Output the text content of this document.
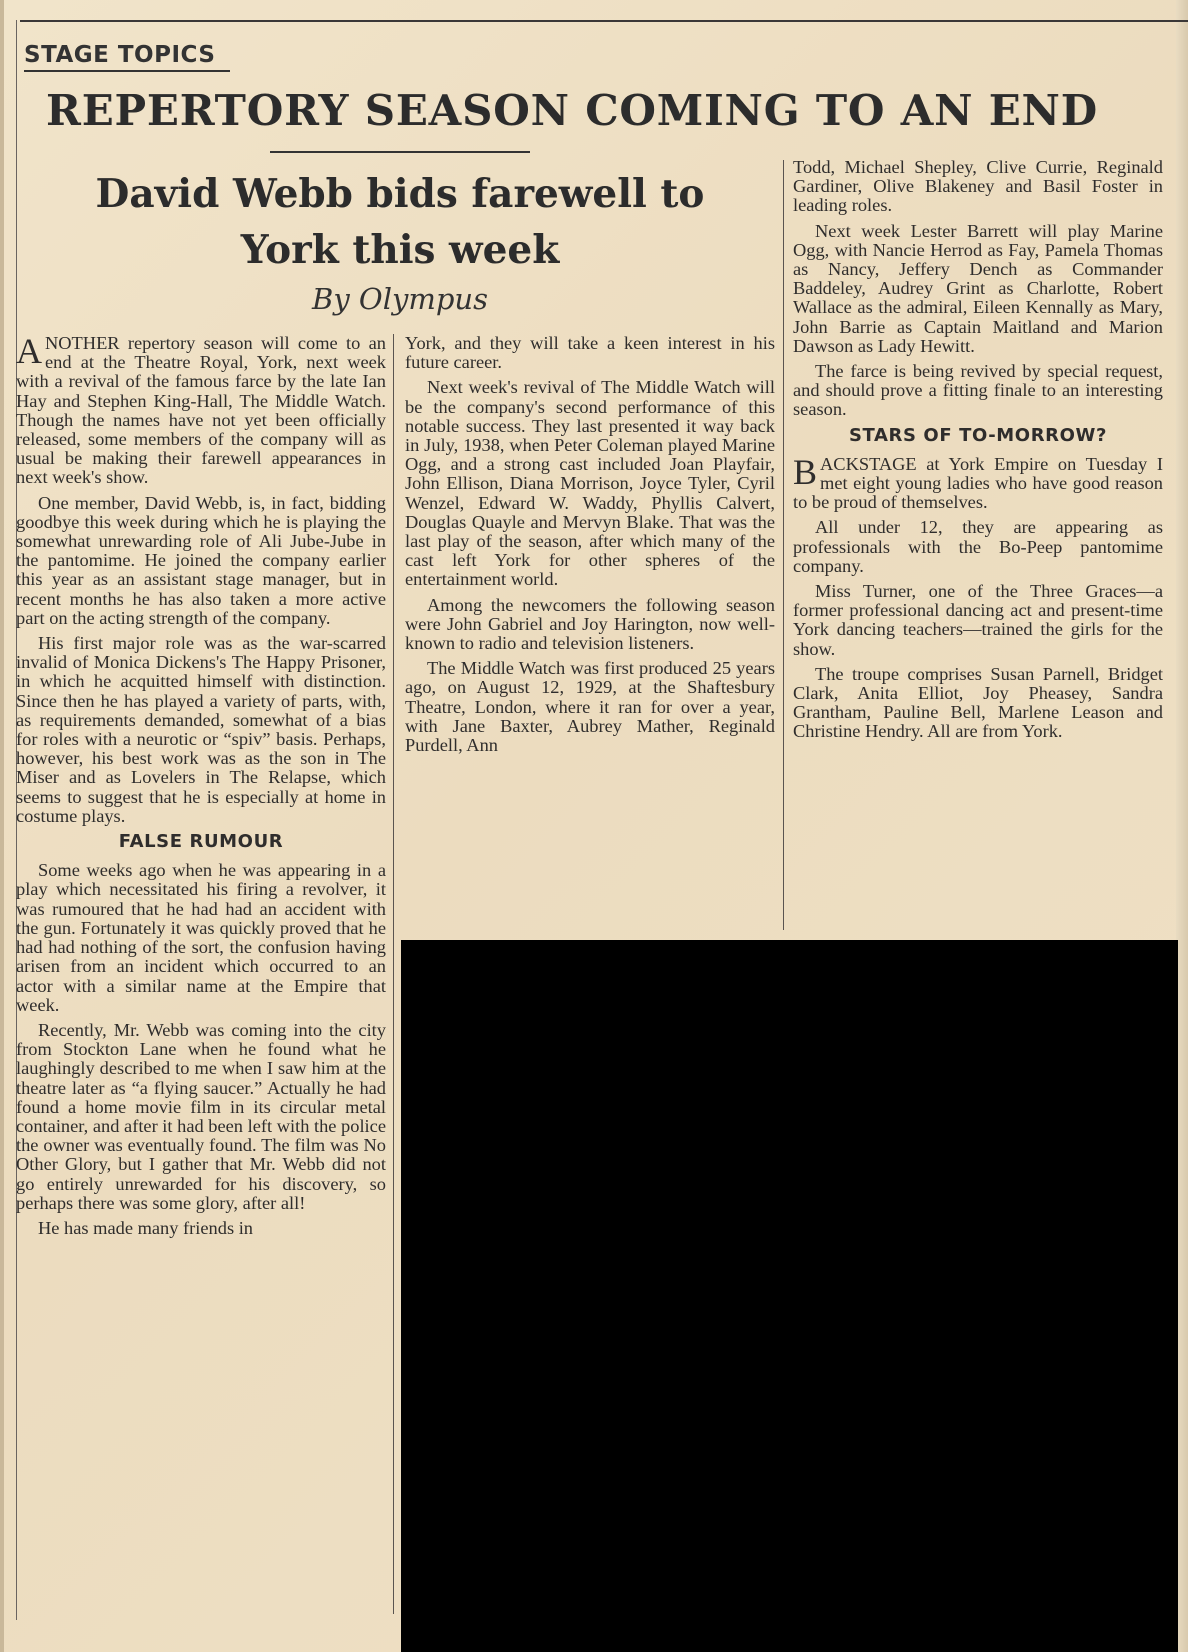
STAGE TOPICS
REPERTORY SEASON COMING TO AN END
David Webb bids farewell to
York this week
By Olympus

ANOTHER repertory season will come to an end at the Theatre Royal, York, next week with a revival of the famous farce by the late Ian Hay and Stephen King-Hall, The Middle Watch. Though the names have not yet been officially released, some members of the company will as usual be making their farewell appearances in next week's show.

One member, David Webb, is, in fact, bidding goodbye this week during which he is playing the somewhat unrewarding role of Ali Jube-Jube in the pantomime. He joined the company earlier this year as an assistant stage manager, but in recent months he has also taken a more active part on the acting strength of the company.

His first major role was as the war-scarred invalid of Monica Dickens's The Happy Prisoner, in which he acquitted himself with distinction. Since then he has played a variety of parts, with, as requirements demanded, somewhat of a bias for roles with a neurotic or “spiv” basis. Perhaps, however, his best work was as the son in The Miser and as Lovelers in The Relapse, which seems to suggest that he is especially at home in costume plays.

FALSE RUMOUR

Some weeks ago when he was appearing in a play which necessitated his firing a revolver, it was rumoured that he had had an accident with the gun. Fortunately it was quickly proved that he had had nothing of the sort, the confusion having arisen from an incident which occurred to an actor with a similar name at the Empire that week.

Recently, Mr. Webb was coming into the city from Stockton Lane when he found what he laughingly described to me when I saw him at the theatre later as “a flying saucer.” Actually he had found a home movie film in its circular metal container, and after it had been left with the police the owner was eventually found. The film was No Other Glory, but I gather that Mr. Webb did not go entirely unrewarded for his discovery, so perhaps there was some glory, after all!

He has made many friends in

York, and they will take a keen interest in his future career.

Next week's revival of The Middle Watch will be the company's second performance of this notable success. They last presented it way back in July, 1938, when Peter Coleman played Marine Ogg, and a strong cast included Joan Playfair, John Ellison, Diana Morrison, Joyce Tyler, Cyril Wenzel, Edward W. Waddy, Phyllis Calvert, Douglas Quayle and Mervyn Blake. That was the last play of the season, after which many of the cast left York for other spheres of the entertainment world.

Among the newcomers the following season were John Gabriel and Joy Harington, now well-known to radio and television listeners.

The Middle Watch was first produced 25 years ago, on August 12, 1929, at the Shaftesbury Theatre, London, where it ran for over a year, with Jane Baxter, Aubrey Mather, Reginald Purdell, Ann

Todd, Michael Shepley, Clive Currie, Reginald Gardiner, Olive Blakeney and Basil Foster in leading roles.

Next week Lester Barrett will play Marine Ogg, with Nancie Herrod as Fay, Pamela Thomas as Nancy, Jeffery Dench as Commander Baddeley, Audrey Grint as Charlotte, Robert Wallace as the admiral, Eileen Kennally as Mary, John Barrie as Captain Maitland and Marion Dawson as Lady Hewitt.

The farce is being revived by special request, and should prove a fitting finale to an interesting season.

STARS OF TO-MORROW?

BACKSTAGE at York Empire on Tuesday I met eight young ladies who have good reason to be proud of themselves.

All under 12, they are appearing as professionals with the Bo-Peep pantomime company.

Miss Turner, one of the Three Graces—a former professional dancing act and present-time York dancing teachers—trained the girls for the show.

The troupe comprises Susan Parnell, Bridget Clark, Anita Elliot, Joy Pheasey, Sandra Grantham, Pauline Bell, Marlene Leason and Christine Hendry. All are from York.
